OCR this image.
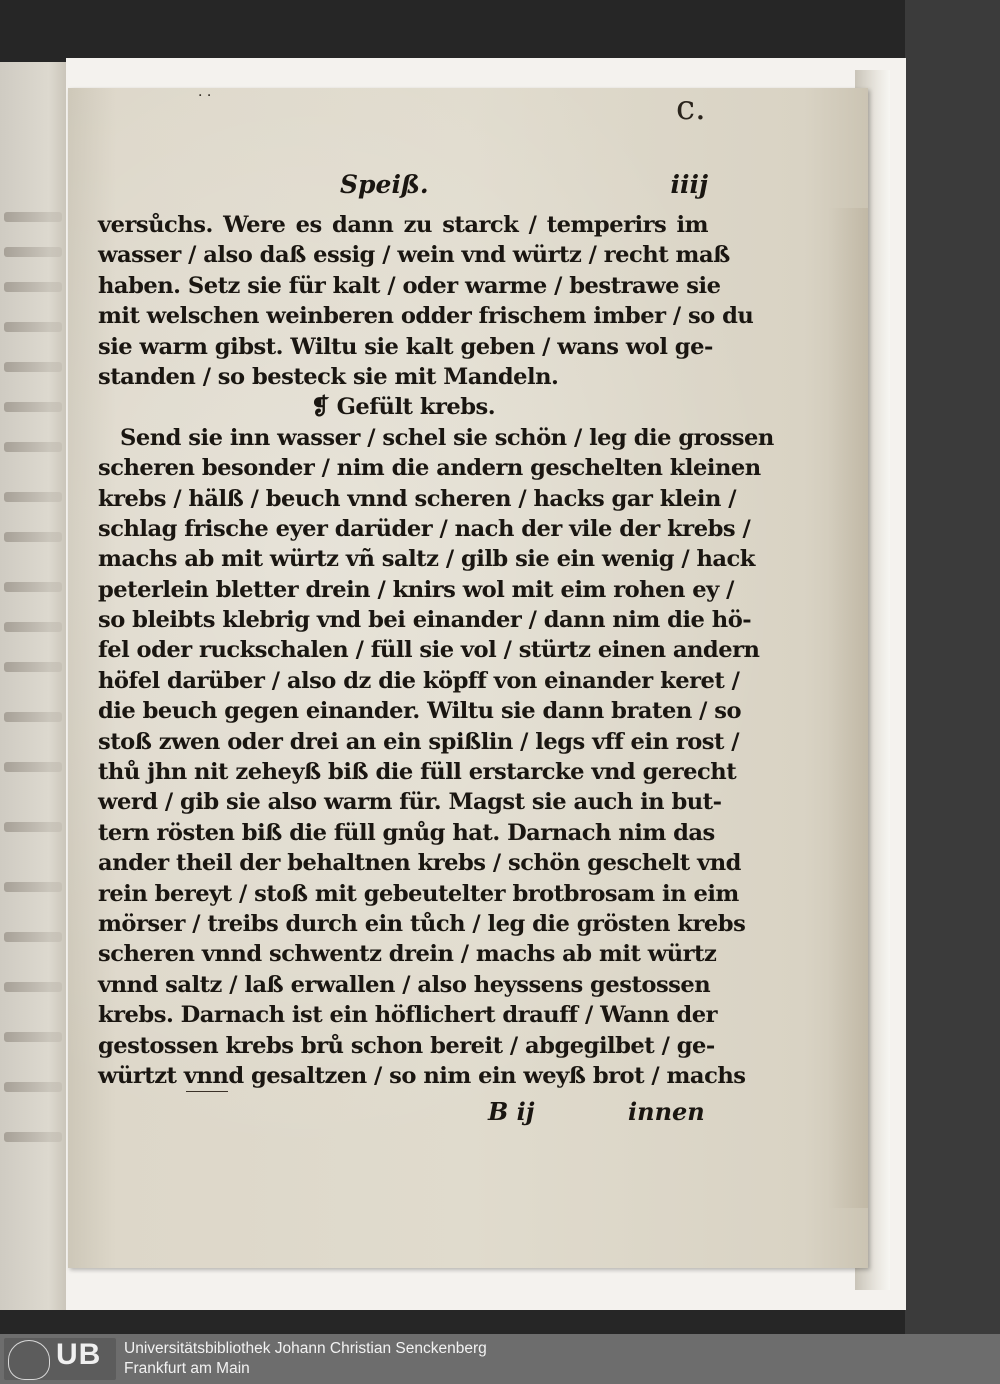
· ·	c.
Speiß.	iiij
versůchs. Were es dann zu starck / temperirs im
wasser / also daß essig / wein vnd würtz / recht maß
haben. Setz sie für kalt / oder warme / bestrawe sie
mit welschen weinberen odder frischem imber / so du
sie warm gibst. Wiltu sie kalt geben / wans wol ge-
standen / so besteck sie mit Mandeln.
❡ Gefült krebs.
Send sie inn wasser / schel sie schön / leg die grossen
scheren besonder / nim die andern geschelten kleinen
krebs / hälß / beuch vnnd scheren / hacks gar klein /
schlag frische eyer darüder / nach der vile der krebs /
machs ab mit würtz vñ saltz / gilb sie ein wenig / hack
peterlein bletter drein / knirs wol mit eim rohen ey /
so bleibts klebrig vnd bei einander / dann nim die hö-
fel oder ruckschalen / füll sie vol / stürtz einen andern
höfel darüber / also dz die köpff von einander keret /
die beuch gegen einander. Wiltu sie dann braten / so
stoß zwen oder drei an ein spißlin / legs vff ein rost /
thů jhn nit zeheyß biß die füll erstarcke vnd gerecht
werd / gib sie also warm für. Magst sie auch in but-
tern rösten biß die füll gnůg hat. Darnach nim das
ander theil der behaltnen krebs / schön geschelt vnd
rein bereyt / stoß mit gebeutelter brotbrosam in eim
mörser / treibs durch ein tůch / leg die grösten krebs
scheren vnnd schwentz drein / machs ab mit würtz
vnnd saltz / laß erwallen / also heyssens gestossen
krebs. Darnach ist ein höflichert drauff / Wann der
gestossen krebs brů schon bereit / abgegilbet / ge-
würtzt vnnd gesaltzen / so nim ein weyß brot / machs
B ij	innen
UB Universitätsbibliothek Johann Christian Senckenberg
Frankfurt am Main
